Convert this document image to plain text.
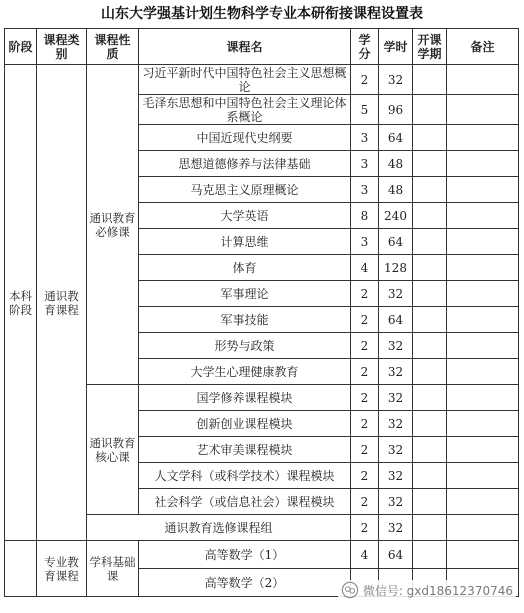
山东大学强基计划生物科学专业本研衔接课程设置表
阶段	课程类别	课程性质	课程名	学分	学时	开课学期	备注
本科阶段	通识教育课程	通识教育必修课	习近平新时代中国特色社会主义思想概论	2	32		
			毛泽东思想和中国特色社会主义理论体系概论	5	96		
			中国近现代史纲要	3	64		
			思想道德修养与法律基础	3	48		
			马克思主义原理概论	3	48		
			大学英语	8	240		
			计算思维	3	64		
			体育	4	128		
			军事理论	2	32		
			军事技能	2	64		
			形势与政策	2	32		
			大学生心理健康教育	2	32		
		通识教育核心课	国学修养课程模块	2	32		
			创新创业课程模块	2	32		
			艺术审美课程模块	2	32		
			人文学科（或科学技术）课程模块	2	32		
			社会科学（或信息社会）课程模块	2	32		
		通识教育选修课程组		2	32		
	专业教育课程	学科基础课	高等数学（1）	4	64		
			高等数学（2）				
微信号: gxd18612370746
